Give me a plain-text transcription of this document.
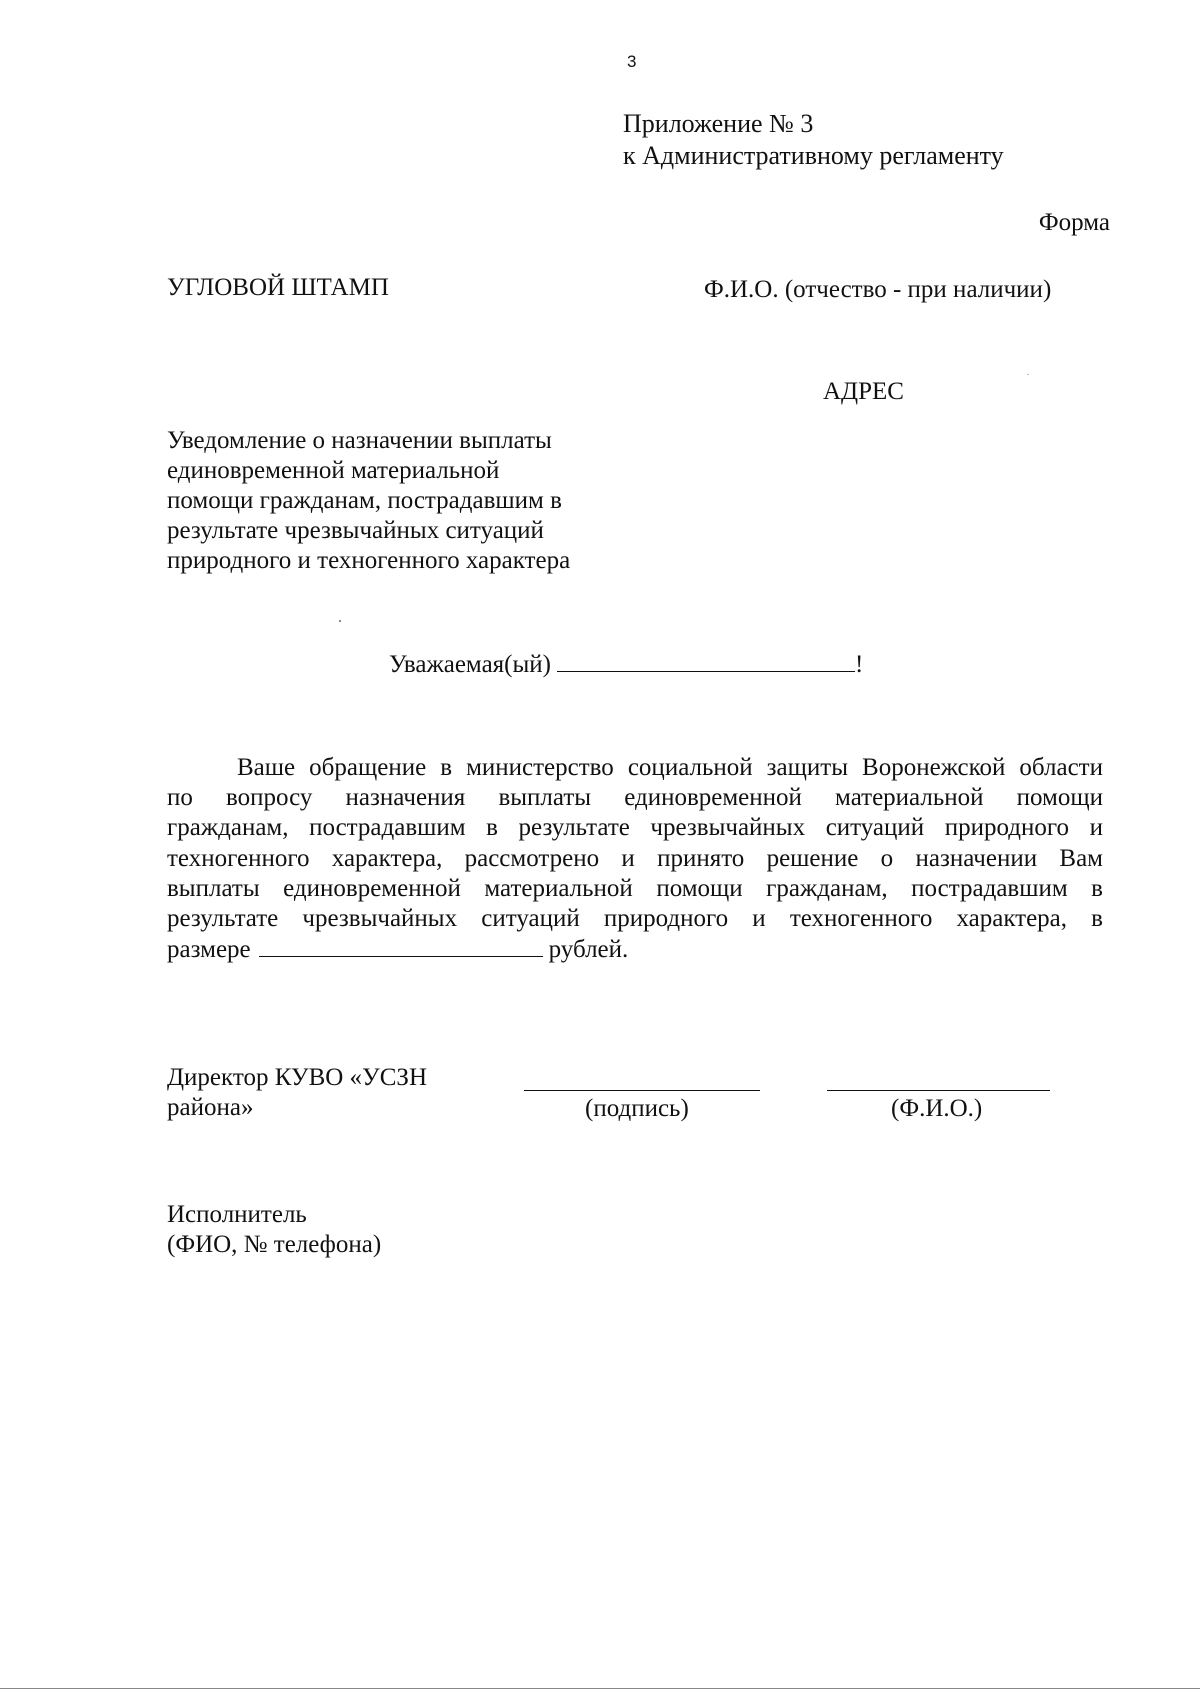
3
Приложение № 3
к Административному регламенту
Форма
УГЛОВОЙ ШТАМП	Ф.И.О. (отчество - при наличии)
АДРЕС
Уведомление о назначении выплаты
единовременной материальной
помощи гражданам, пострадавшим в
результате чрезвычайных ситуаций
природного и техногенного характера
Уважаемая(ый)	!
Ваше обращение в министерство социальной защиты Воронежской области
по вопросу назначения выплаты единовременной материальной помощи
гражданам, пострадавшим в результате чрезвычайных ситуаций природного и
техногенного характера, рассмотрено и принято решение о назначении Вам
выплаты единовременной материальной помощи гражданам, пострадавшим в
результате чрезвычайных ситуаций природного и техногенного характера, в
размере	рублей.
Директор КУВО «УСЗН
района»	(подпись)	(Ф.И.О.)
Исполнитель
(ФИО, № телефона)
